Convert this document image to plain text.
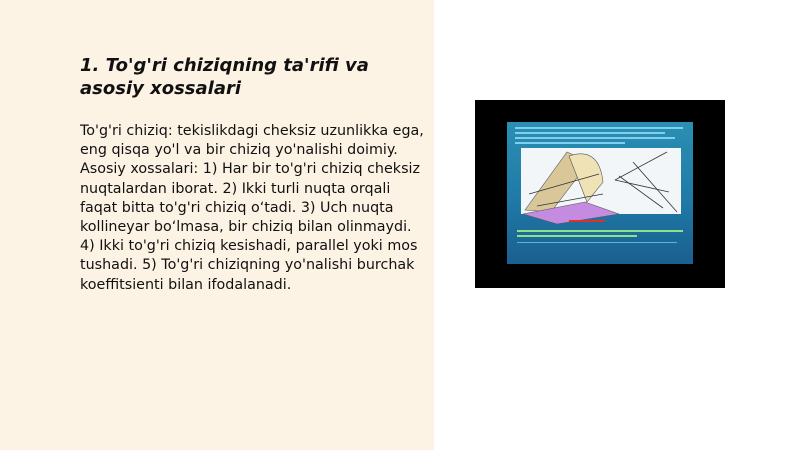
1. To'g'ri chiziqning ta'rifi va asosiy xossalari

To'g'ri chiziq: tekislikdagi cheksiz uzunlikka ega, eng qisqa yo'l va bir chiziq yo'nalishi doimiy. Asosiy xossalari: 1) Har bir to'g'ri chiziq cheksiz nuqtalardan iborat. 2) Ikki turli nuqta orqali faqat bitta to'g'ri chiziq o‘tadi. 3) Uch nuqta kollineyar bo‘lmasa, bir chiziq bilan olinmaydi. 4) Ikki to'g'ri chiziq kesishadi, parallel yoki mos tushadi. 5) To'g'ri chiziqning yo'nalishi burchak koeffitsienti bilan ifodalanadi.
